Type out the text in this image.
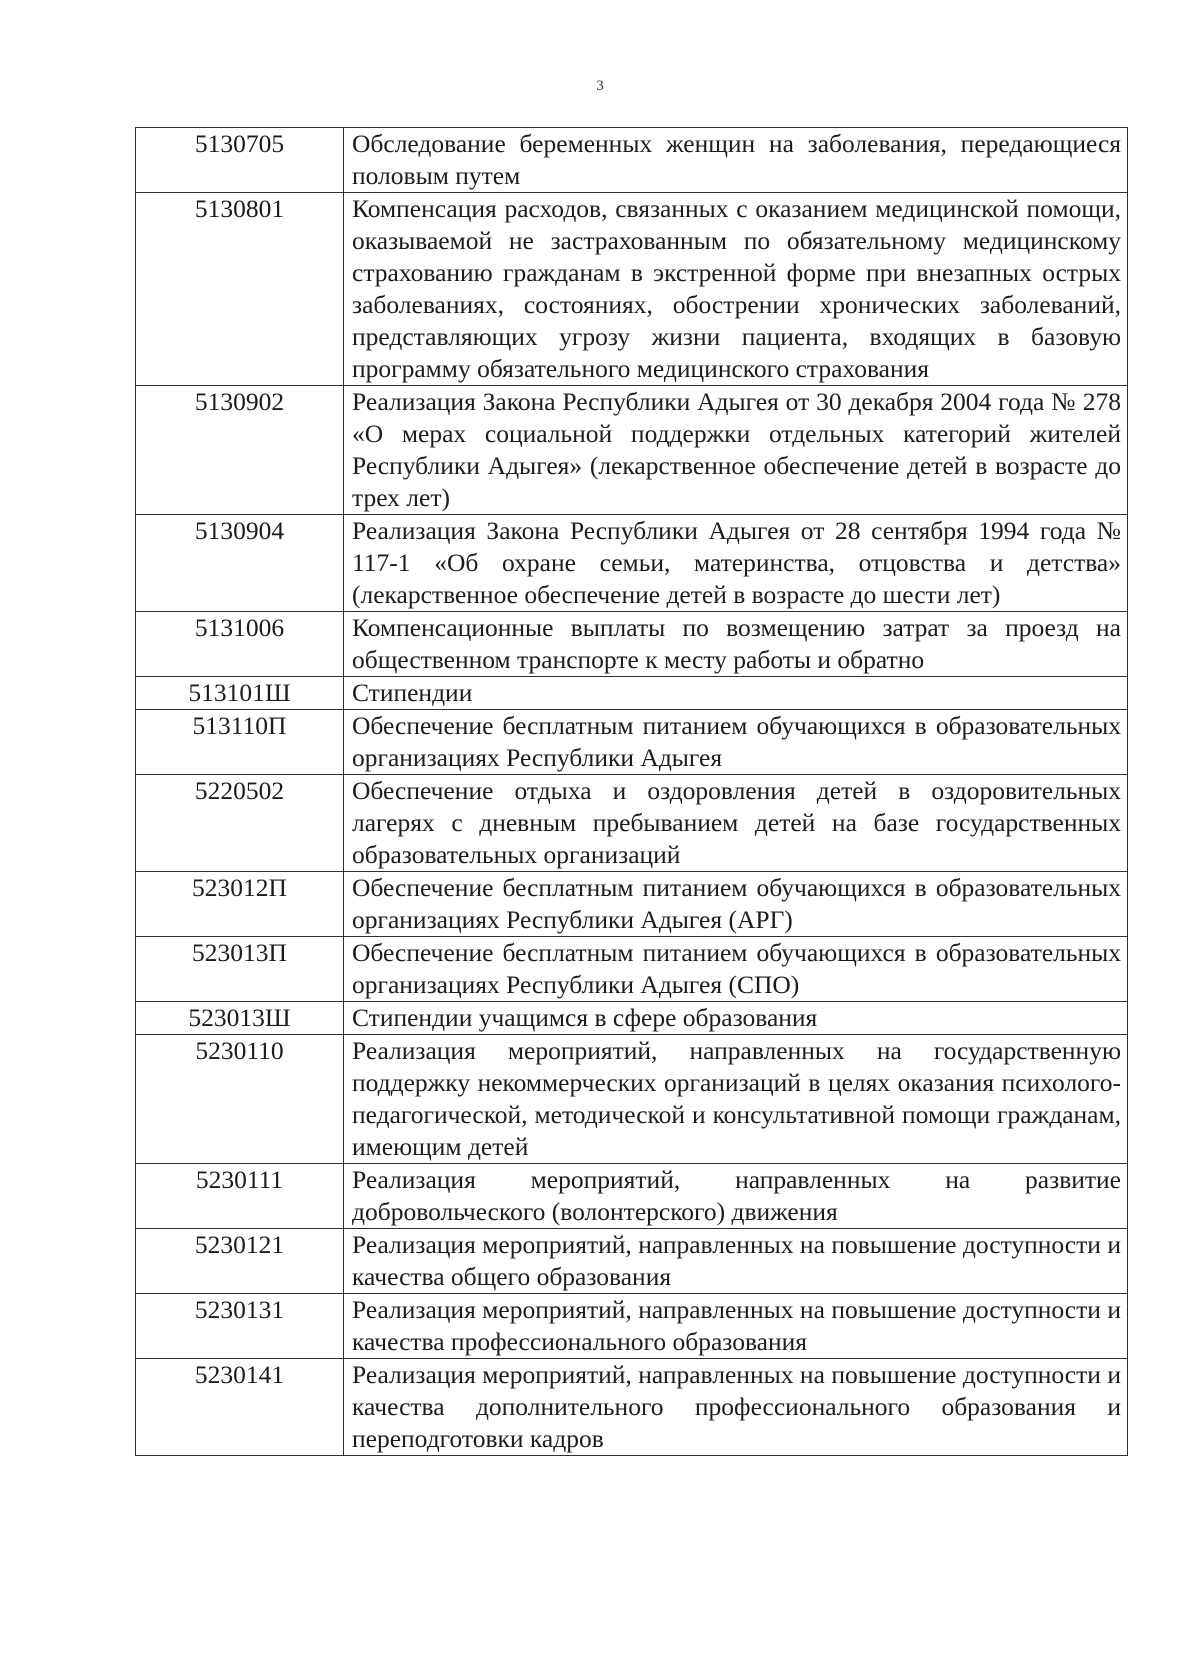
3
5130705	Обследование беременных женщин на заболевания, передающиеся половым путем
5130801	Компенсация расходов, связанных с оказанием медицинской помощи, оказываемой не застрахованным по обязательному медицинскому страхованию гражданам в экстренной форме при внезапных острых заболеваниях, состояниях, обострении хронических заболеваний, представляющих угрозу жизни пациента, входящих в базовую программу обязательного медицинского страхования
5130902	Реализация Закона Республики Адыгея от 30 декабря 2004 года № 278 «О мерах социальной поддержки отдельных категорий жителей Республики Адыгея» (лекарственное обеспечение детей в возрасте до трех лет)
5130904	Реализация Закона Республики Адыгея от 28 сентября 1994 года № 117-1 «Об охране семьи, материнства, отцовства и детства» (лекарственное обеспечение детей в возрасте до шести лет)
5131006	Компенсационные выплаты по возмещению затрат за проезд на общественном транспорте к месту работы и обратно
513101Ш	Стипендии
513110П	Обеспечение бесплатным питанием обучающихся в образовательных организациях Республики Адыгея
5220502	Обеспечение отдыха и оздоровления детей в оздоровительных лагерях с дневным пребыванием детей на базе государственных образовательных организаций
523012П	Обеспечение бесплатным питанием обучающихся в образовательных организациях Республики Адыгея (АРГ)
523013П	Обеспечение бесплатным питанием обучающихся в образовательных организациях Республики Адыгея (СПО)
523013Ш	Стипендии учащимся в сфере образования
5230110	Реализация мероприятий, направленных на государственную поддержку некоммерческих организаций в целях оказания психолого-педагогической, методической и консультативной помощи гражданам, имеющим детей
5230111	Реализация мероприятий, направленных на развитие добровольческого (волонтерского) движения
5230121	Реализация мероприятий, направленных на повышение доступности и качества общего образования
5230131	Реализация мероприятий, направленных на повышение доступности и качества профессионального образования
5230141	Реализация мероприятий, направленных на повышение доступности и качества дополнительного профессионального образования и переподготовки кадров
